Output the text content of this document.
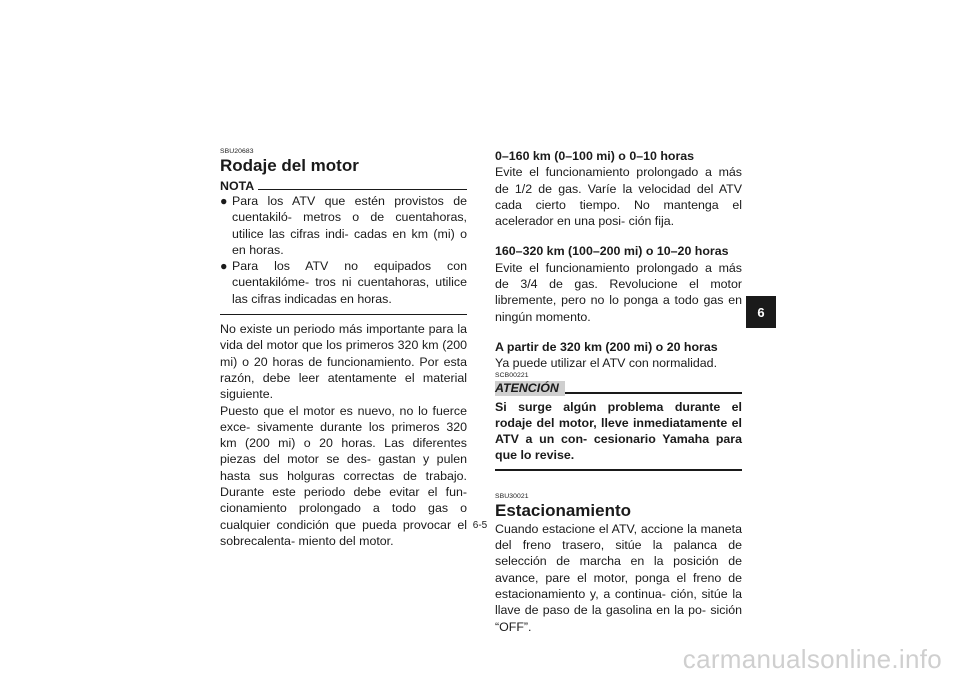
SBU20683

Rodaje del motor
NOTA
● Para los ATV que estén provistos de cuentakiló- metros o de cuentahoras, utilice las cifras indi- cadas en km (mi) o en horas.
● Para los ATV no equipados con cuentakilóme- tros ni cuentahoras, utilice las cifras indicadas en horas.

No existe un periodo más importante para la vida del motor que los primeros 320 km (200 mi) o 20 horas de funcionamiento. Por esta razón, debe leer atentamente el material siguiente.

Puesto que el motor es nuevo, no lo fuerce exce- sivamente durante los primeros 320 km (200 mi) o 20 horas. Las diferentes piezas del motor se des- gastan y pulen hasta sus holguras correctas de trabajo. Durante este periodo debe evitar el fun- cionamiento prolongado a todo gas o cualquier condición que pueda provocar el sobrecalenta- miento del motor.

0–160 km (0–100 mi) o 0–10 horas

Evite el funcionamiento prolongado a más de 1/2 de gas. Varíe la velocidad del ATV cada cierto tiempo. No mantenga el acelerador en una posi- ción fija.

160–320 km (100–200 mi) o 10–20 horas

Evite el funcionamiento prolongado a más de 3/4 de gas. Revolucione el motor libremente, pero no lo ponga a todo gas en ningún momento.

A partir de 320 km (200 mi) o 20 horas

Ya puede utilizar el ATV con normalidad.

SCB00221

ATENCIÓN

Si surge algún problema durante el rodaje del motor, lleve inmediatamente el ATV a un con- cesionario Yamaha para que lo revise.

SBU30021

Estacionamiento

Cuando estacione el ATV, accione la maneta del freno trasero, sitúe la palanca de selección de marcha en la posición de avance, pare el motor, ponga el freno de estacionamiento y, a continua- ción, sitúe la llave de paso de la gasolina en la po- sición “OFF”.

6
6-5
carmanualsonline.info
